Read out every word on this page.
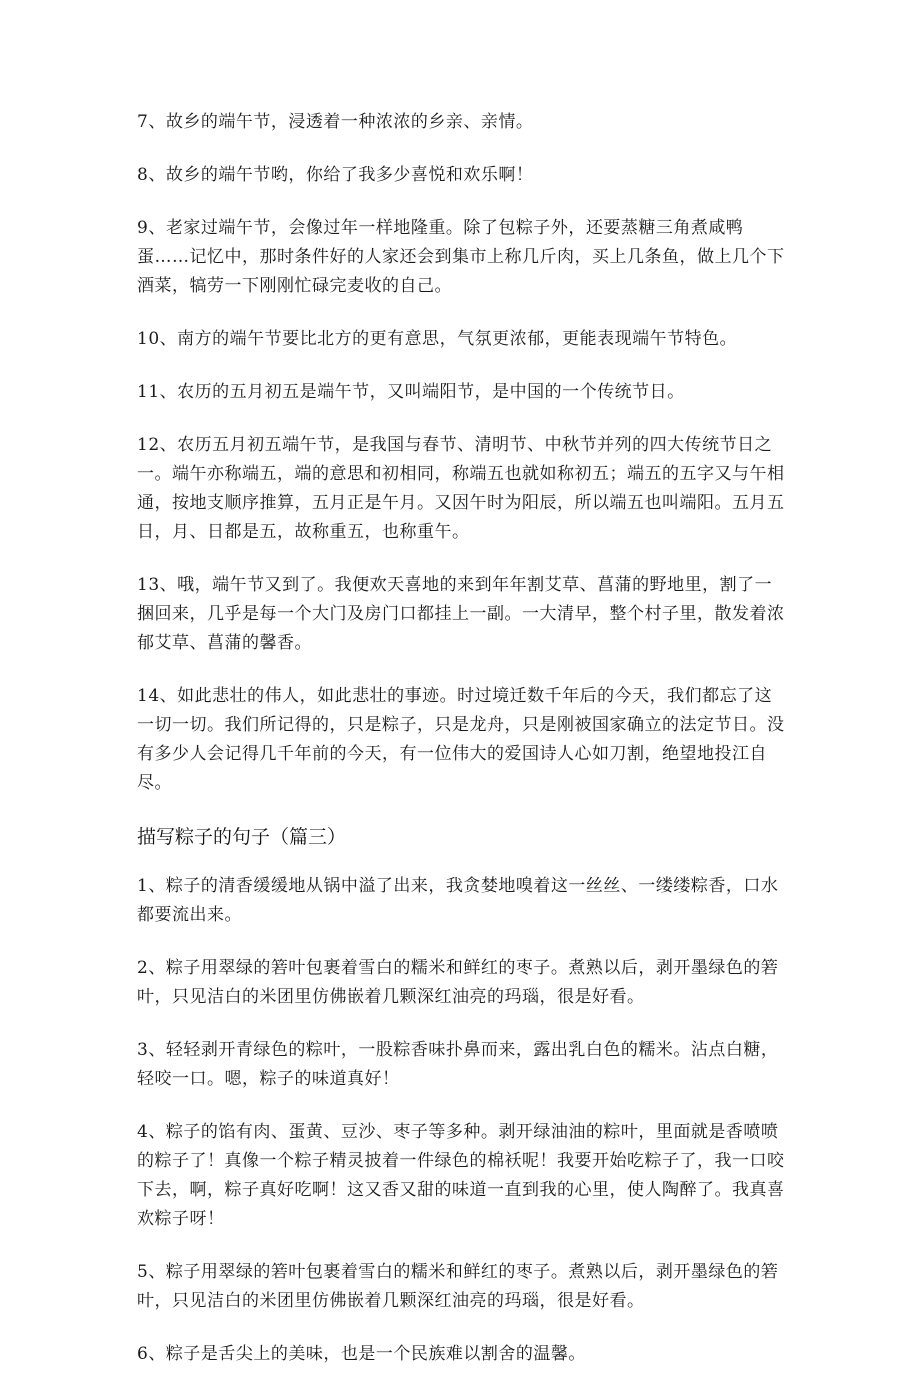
7、故乡的端午节，浸透着一种浓浓的乡亲、亲情。

8、故乡的端午节哟，你给了我多少喜悦和欢乐啊！

9、老家过端午节，会像过年一样地隆重。除了包粽子外，还要蒸糖三角煮咸鸭蛋……记忆中，那时条件好的人家还会到集市上称几斤肉，买上几条鱼，做上几个下酒菜，犒劳一下刚刚忙碌完麦收的自己。

10、南方的端午节要比北方的更有意思，气氛更浓郁，更能表现端午节特色。

11、农历的五月初五是端午节，又叫端阳节，是中国的一个传统节日。

12、农历五月初五端午节，是我国与春节、清明节、中秋节并列的四大传统节日之一。端午亦称端五，端的意思和初相同，称端五也就如称初五；端五的五字又与午相通，按地支顺序推算，五月正是午月。又因午时为阳辰，所以端五也叫端阳。五月五日，月、日都是五，故称重五，也称重午。

13、哦，端午节又到了。我便欢天喜地的来到年年割艾草、菖蒲的野地里，割了一捆回来，几乎是每一个大门及房门口都挂上一副。一大清早，整个村子里，散发着浓郁艾草、菖蒲的馨香。

14、如此悲壮的伟人，如此悲壮的事迹。时过境迁数千年后的今天，我们都忘了这一切一切。我们所记得的，只是粽子，只是龙舟，只是刚被国家确立的法定节日。没有多少人会记得几千年前的今天，有一位伟大的爱国诗人心如刀割，绝望地投江自尽。

描写粽子的句子（篇三）

1、粽子的清香缓缓地从锅中溢了出来，我贪婪地嗅着这一丝丝、一缕缕粽香，口水都要流出来。

2、粽子用翠绿的箬叶包裹着雪白的糯米和鲜红的枣子。煮熟以后，剥开墨绿色的箬叶，只见洁白的米团里仿佛嵌着几颗深红油亮的玛瑙，很是好看。

3、轻轻剥开青绿色的粽叶，一股粽香味扑鼻而来，露出乳白色的糯米。沾点白糖，轻咬一口。嗯，粽子的味道真好！

4、粽子的馅有肉、蛋黄、豆沙、枣子等多种。剥开绿油油的粽叶，里面就是香喷喷的粽子了！真像一个粽子精灵披着一件绿色的棉袄呢！我要开始吃粽子了，我一口咬下去，啊，粽子真好吃啊！这又香又甜的味道一直到我的心里，使人陶醉了。我真喜欢粽子呀！

5、粽子用翠绿的箬叶包裹着雪白的糯米和鲜红的枣子。煮熟以后，剥开墨绿色的箬叶，只见洁白的米团里仿佛嵌着几颗深红油亮的玛瑙，很是好看。

6、粽子是舌尖上的美味，也是一个民族难以割舍的温馨。
